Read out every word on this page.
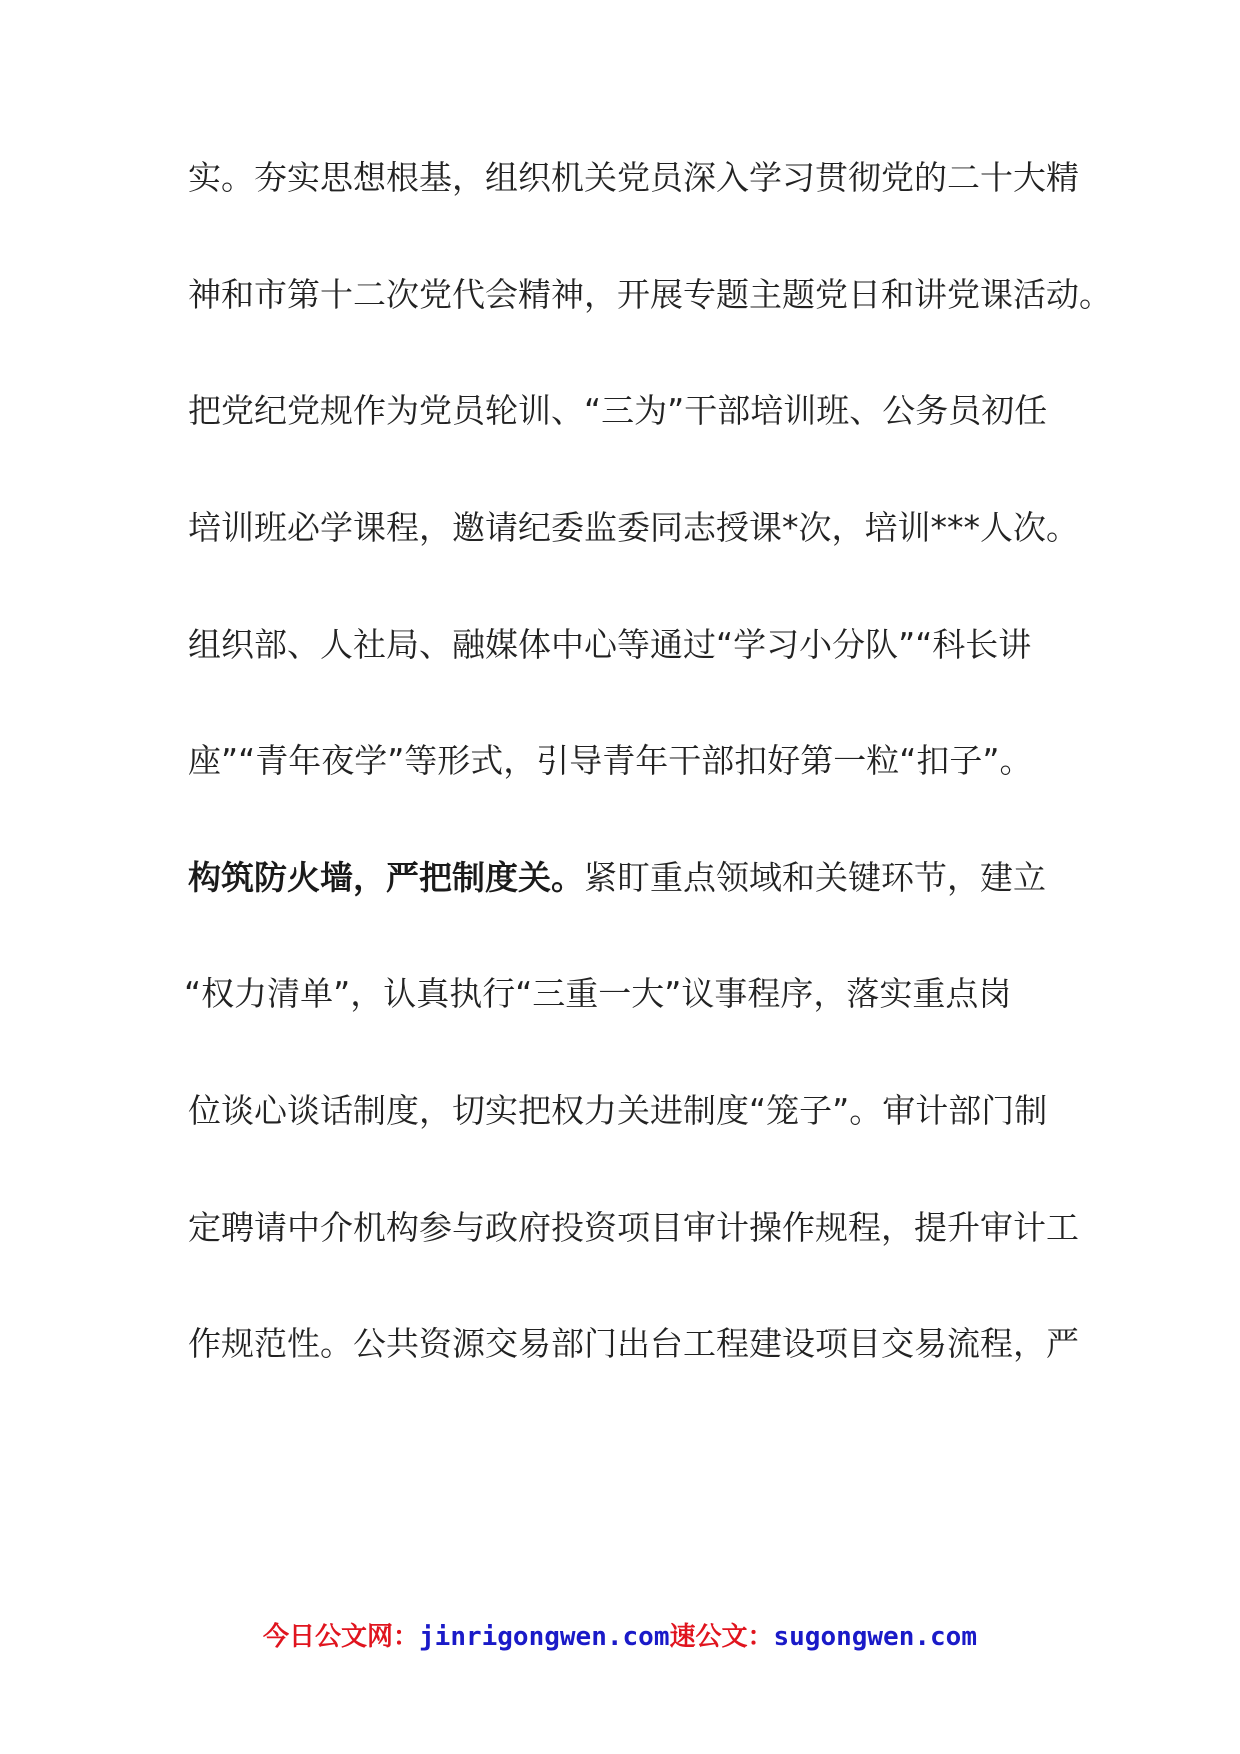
实。夯实思想根基，组织机关党员深入学习贯彻党的二十大精
神和市第十二次党代会精神，开展专题主题党日和讲党课活动。
把党纪党规作为党员轮训、“三为”干部培训班、公务员初任
培训班必学课程，邀请纪委监委同志授课*次，培训***人次。
组织部、人社局、融媒体中心等通过“学习小分队”“科长讲
座”“青年夜学”等形式，引导青年干部扣好第一粒“扣子”。
构筑防火墙，严把制度关。紧盯重点领域和关键环节，建立
“权力清单”，认真执行“三重一大”议事程序，落实重点岗
位谈心谈话制度，切实把权力关进制度“笼子”。审计部门制
定聘请中介机构参与政府投资项目审计操作规程，提升审计工
作规范性。公共资源交易部门出台工程建设项目交易流程，严
今日公文网：jinrigongwen.com速公文：sugongwen.com
